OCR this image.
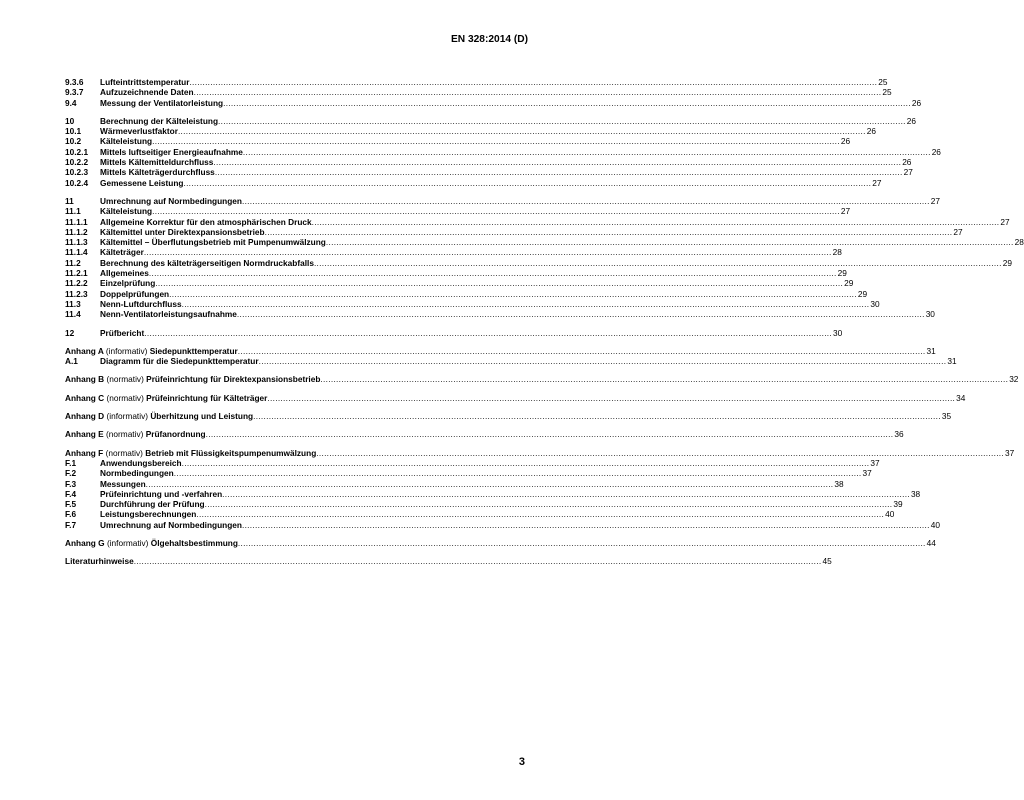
EN 328:2014 (D)
9.3.6	Lufteintrittstemperatur .....	25
9.3.7	Aufzuzeichnende Daten .....	25
9.4	Messung der Ventilatorleistung .....	26
10	Berechnung der Kälteleistung .....	26
10.1	Wärmeverlustfaktor .....	26
10.2	Kälteleistung .....	26
10.2.1	Mittels luftseitiger Energieaufnahme .....	26
10.2.2	Mittels Kältemitteldurchfluss .....	26
10.2.3	Mittels Kälteträgerdurchfluss .....	27
10.2.4	Gemessene Leistung .....	27
11	Umrechnung auf Normbedingungen .....	27
11.1	Kälteleistung .....	27
11.1.1	Allgemeine Korrektur für den atmosphärischen Druck .....	27
11.1.2	Kältemittel unter Direktexpansionsbetrieb .....	27
11.1.3	Kältemittel – Überflutungsbetrieb mit Pumpenumwälzung .....	28
11.1.4	Kälteträger .....	28
11.2	Berechnung des kälteträgerseitigen Normdruckabfalls .....	29
11.2.1	Allgemeines .....	29
11.2.2	Einzelprüfung .....	29
11.2.3	Doppelprüfungen .....	29
11.3	Nenn-Luftdurchfluss .....	30
11.4	Nenn-Ventilatorleistungsaufnahme .....	30
12	Prüfbericht .....	30
Anhang A (informativ) Siedepunkttemperatur .....	31
A.1	Diagramm für die Siedepunkttemperatur .....	31
Anhang B (normativ) Prüfeinrichtung für Direktexpansionsbetrieb .....	32
Anhang C (normativ) Prüfeinrichtung für Kälteträger .....	34
Anhang D (informativ) Überhitzung und Leistung .....	35
Anhang E (normativ) Prüfanordnung .....	36
Anhang F (normativ) Betrieb mit Flüssigkeitspumpenumwälzung .....	37
F.1	Anwendungsbereich .....	37
F.2	Normbedingungen .....	37
F.3	Messungen .....	38
F.4	Prüfeinrichtung und -verfahren .....	38
F.5	Durchführung der Prüfung .....	39
F.6	Leistungsberechnungen .....	40
F.7	Umrechnung auf Normbedingungen .....	40
Anhang G (informativ) Ölgehaltsbestimmung .....	44
Literaturhinweise .....	45
3
